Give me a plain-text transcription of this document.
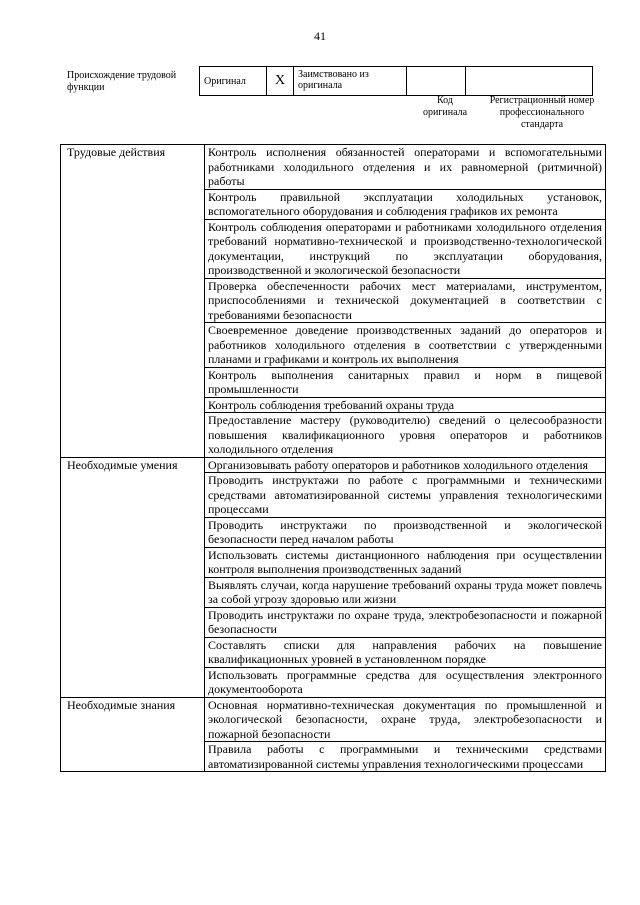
41
Происхождение трудовой функции
Оригинал	X	Заимствовано из оригинала		
Код оригинала
Регистрационный номер профессионального стандарта
Трудовые действия	Контроль исполнения обязанностей операторами и вспомогательными работниками холодильного отделения и их равномерной (ритмичной) работы
	Контроль правильной эксплуатации холодильных установок, вспомогательного оборудования и соблюдения графиков их ремонта
	Контроль соблюдения операторами и работниками холодильного отделения требований нормативно-технической и производственно-технологической документации, инструкций по эксплуатации оборудования, производственной и экологической безопасности
	Проверка обеспеченности рабочих мест материалами, инструментом, приспособлениями и технической документацией в соответствии с требованиями безопасности
	Своевременное доведение производственных заданий до операторов и работников холодильного отделения в соответствии с утвержденными планами и графиками и контроль их выполнения
	Контроль выполнения санитарных правил и норм в пищевой промышленности
	Контроль соблюдения требований охраны труда
	Предоставление мастеру (руководителю) сведений о целесообразности повышения квалификационного уровня операторов и работников холодильного отделения
Необходимые умения	Организовывать работу операторов и работников холодильного отделения
	Проводить инструктажи по работе с программными и техническими средствами автоматизированной системы управления технологическими процессами
	Проводить инструктажи по производственной и экологической безопасности перед началом работы
	Использовать системы дистанционного наблюдения при осуществлении контроля выполнения производственных заданий
	Выявлять случаи, когда нарушение требований охраны труда может повлечь за собой угрозу здоровью или жизни
	Проводить инструктажи по охране труда, электробезопасности и пожарной безопасности
	Составлять списки для направления рабочих на повышение квалификационных уровней в установленном порядке
	Использовать программные средства для осуществления электронного документооборота
Необходимые знания	Основная нормативно-техническая документация по промышленной и экологической безопасности, охране труда, электробезопасности и пожарной безопасности
	Правила работы с программными и техническими средствами автоматизированной системы управления технологическими процессами
